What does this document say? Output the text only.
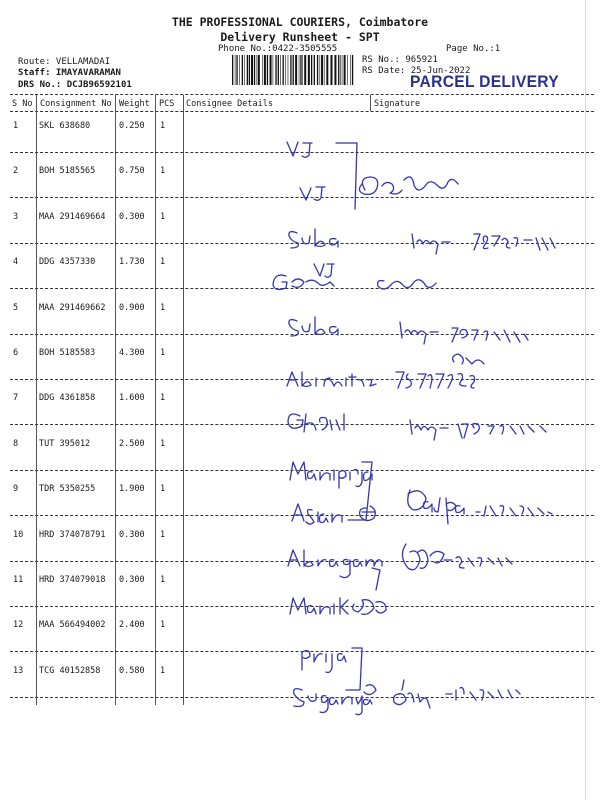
THE PROFESSIONAL COURIERS, Coimbatore
Delivery Runsheet - SPT
Phone No.:0422-3505555	Page No.:1
Route: VELLAMADAI
Staff: IMAYAVARAMAN
DRS No.: DCJB96592101
RS No.: 965921
RS Date: 25-Jun-2022
PARCEL DELIVERY
S No Consignment No Weight PCS Consignee Details	Signature
1 SKL 638680	0.250 1
2 BOH 5185565	0.750 1
3 MAA 291469664 0.300 1
4 DDG 4357330	1.730 1
5 MAA 291469662 0.900 1
6 BOH 5185583	4.300 1
7 DDG 4361858	1.600 1
8 TUT 395012	2.500 1
9 TDR 5350255	1.900 1
10 HRD 374078791 0.300 1
11 HRD 374079018 0.300 1
12 MAA 566494002 2.400 1
13 TCG 40152858 0.580 1
